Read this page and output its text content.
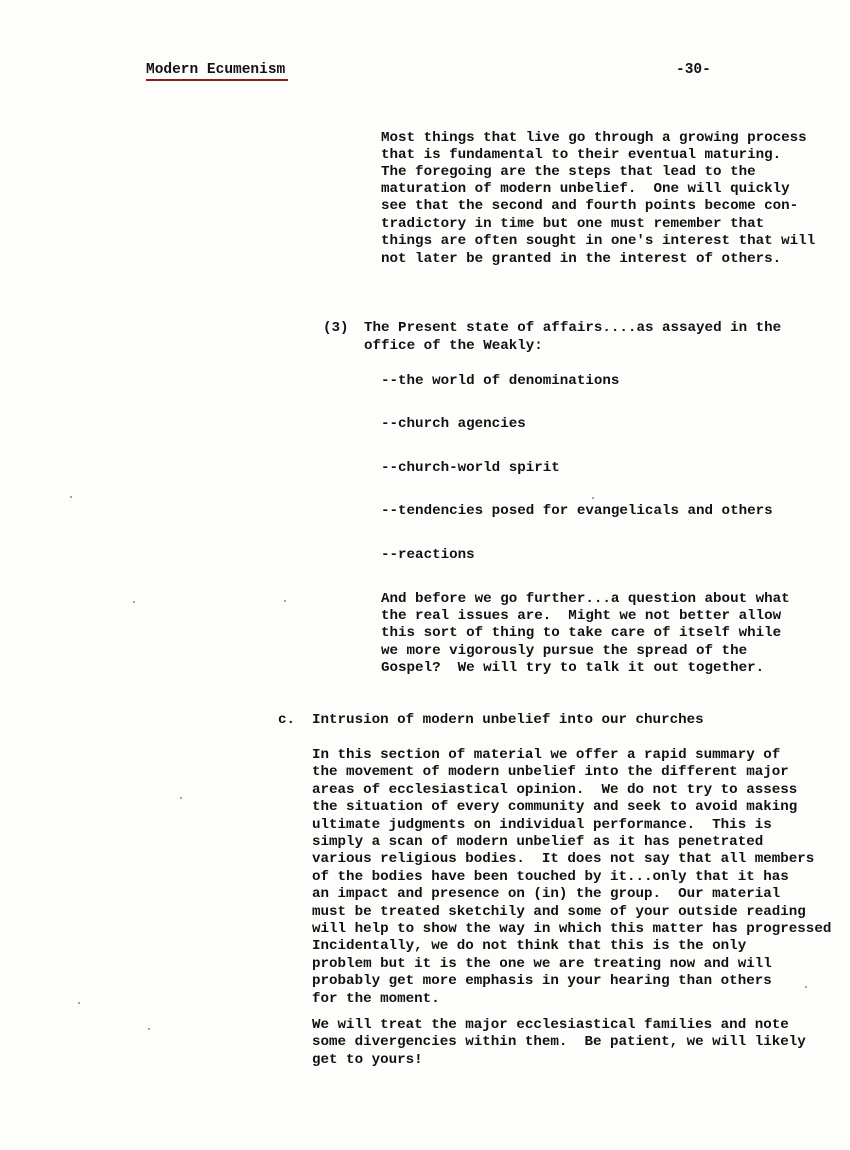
Modern Ecumenism	-30-
Most things that live go through a growing process
that is fundamental to their eventual maturing.
The foregoing are the steps that lead to the
maturation of modern unbelief.  One will quickly
see that the second and fourth points become con-
tradictory in time but one must remember that
things are often sought in one's interest that will
not later be granted in the interest of others.
(3) The Present state of affairs....as assayed in the
office of the Weakly:
--the world of denominations
--church agencies
--church-world spirit
--tendencies posed for evangelicals and others
--reactions
And before we go further...a question about what
the real issues are.  Might we not better allow
this sort of thing to take care of itself while
we more vigorously pursue the spread of the
Gospel?  We will try to talk it out together.
c. Intrusion of modern unbelief into our churches
In this section of material we offer a rapid summary of
the movement of modern unbelief into the different major
areas of ecclesiastical opinion.  We do not try to assess
the situation of every community and seek to avoid making
ultimate judgments on individual performance.  This is
simply a scan of modern unbelief as it has penetrated
various religious bodies.  It does not say that all members
of the bodies have been touched by it...only that it has
an impact and presence on (in) the group.  Our material
must be treated sketchily and some of your outside reading
will help to show the way in which this matter has progressed
Incidentally, we do not think that this is the only
problem but it is the one we are treating now and will
probably get more emphasis in your hearing than others
for the moment.
We will treat the major ecclesiastical families and note
some divergencies within them.  Be patient, we will likely
get to yours!
